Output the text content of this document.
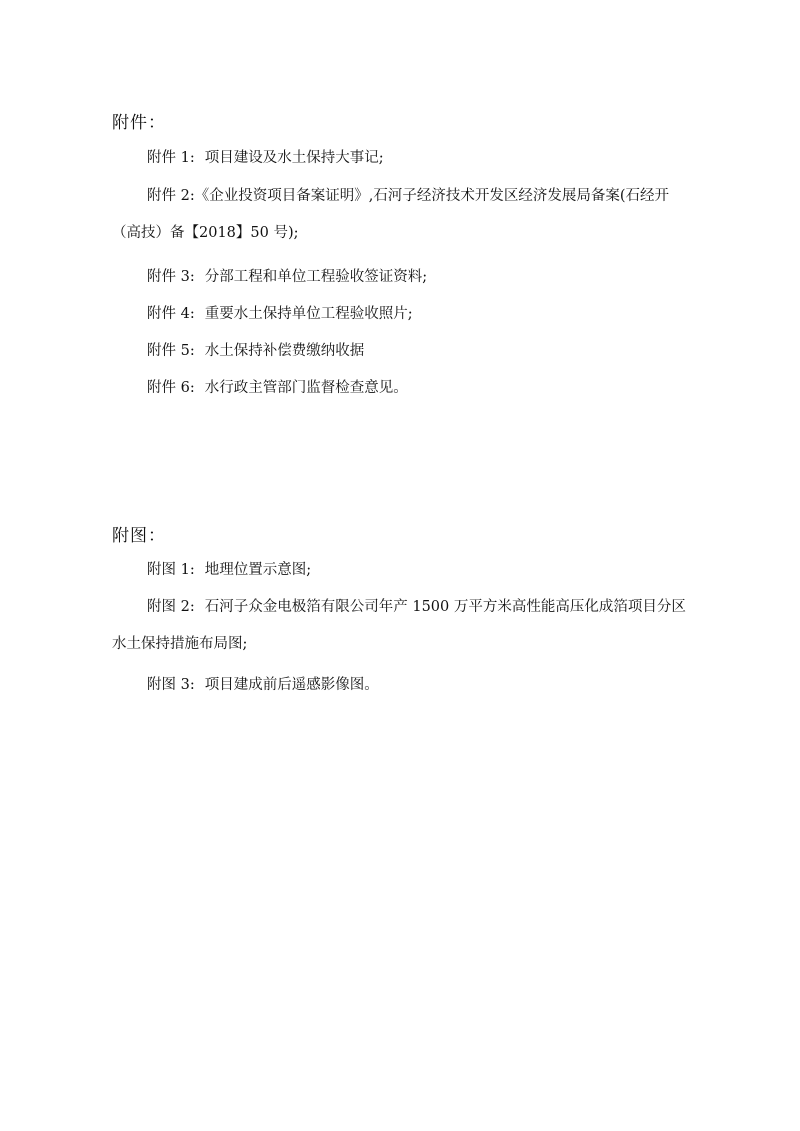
附件：
附件 1: 项目建设及水土保持大事记;
附件 2:《企业投资项目备案证明》,石河子经济技术开发区经济发展局备案(石经开（高技）备【2018】50 号);
附件 3: 分部工程和单位工程验收签证资料;
附件 4: 重要水土保持单位工程验收照片;
附件 5: 水土保持补偿费缴纳收据
附件 6: 水行政主管部门监督检查意见。
附图：
附图 1: 地理位置示意图;
附图 2: 石河子众金电极箔有限公司年产 1500 万平方米高性能高压化成箔项目分区水土保持措施布局图;
附图 3: 项目建成前后遥感影像图。
